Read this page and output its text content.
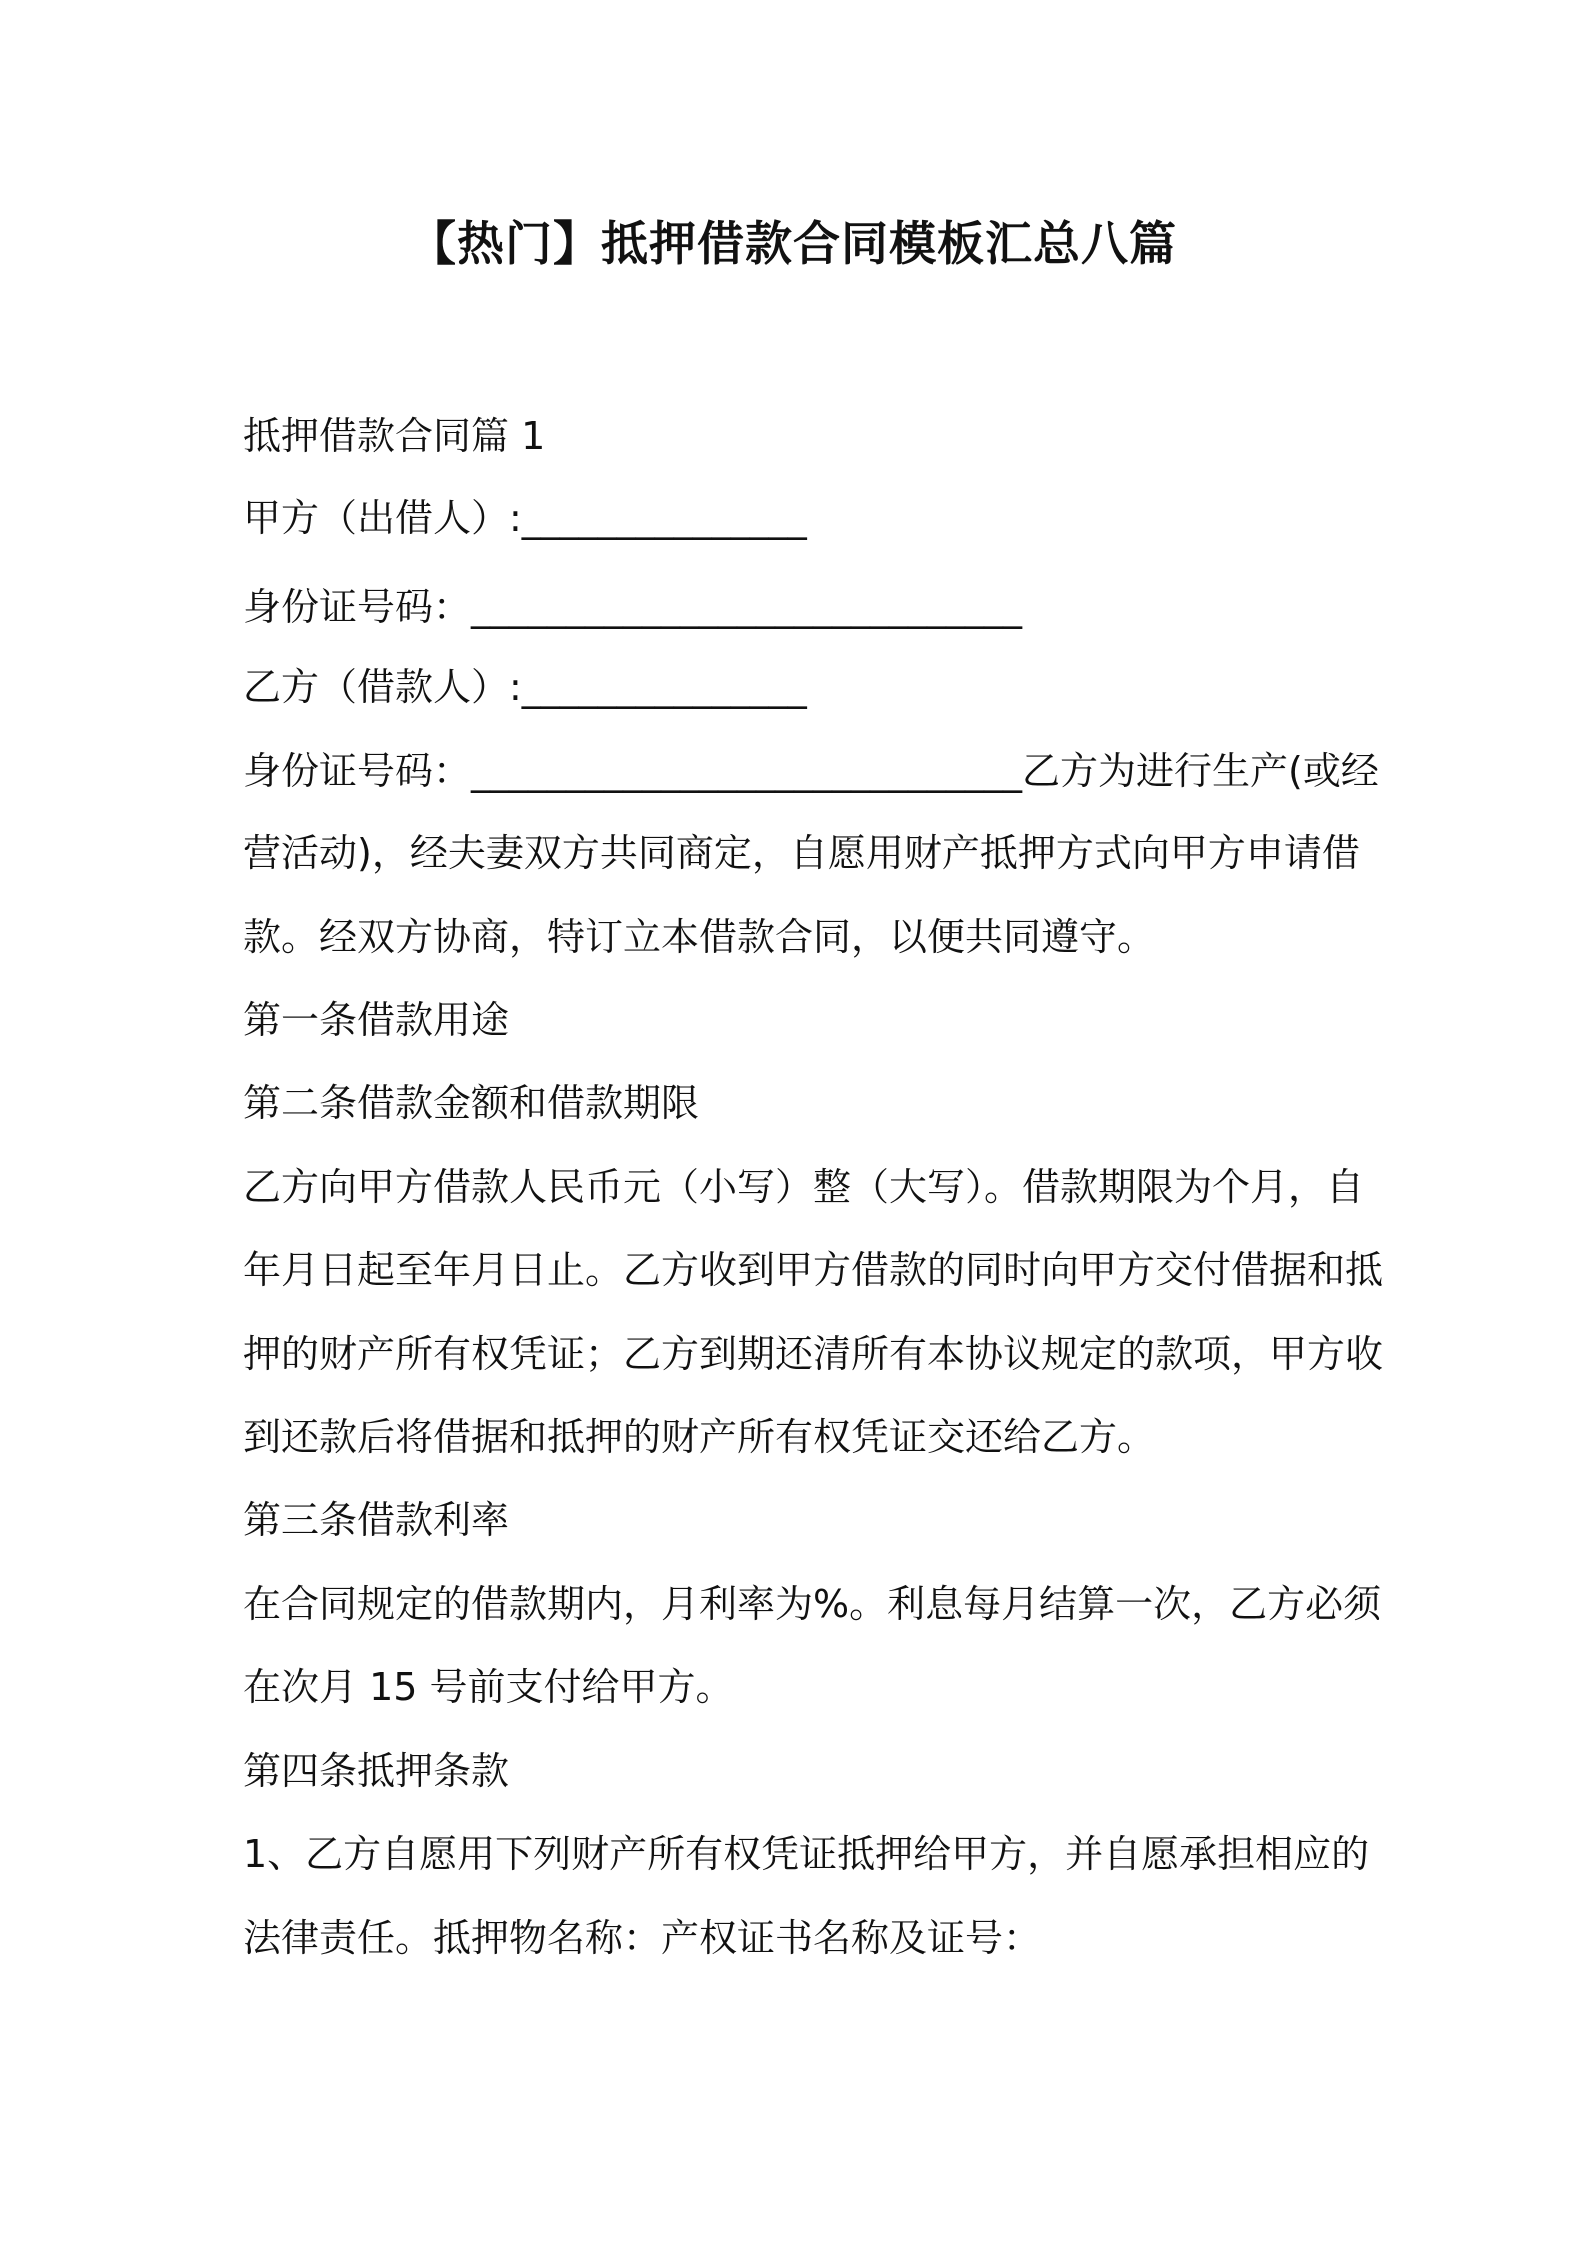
【热门】抵押借款合同模板汇总八篇
抵押借款合同篇 1
甲方（出借人）:_______________
身份证号码：_____________________________
乙方（借款人）:_______________
身份证号码：_____________________________乙方为进行生产(或经
营活动)，经夫妻双方共同商定，自愿用财产抵押方式向甲方申请借
款。经双方协商，特订立本借款合同，以便共同遵守。
第一条借款用途
第二条借款金额和借款期限
乙方向甲方借款人民币元（小写）整（大写）。借款期限为个月，自
年月日起至年月日止。乙方收到甲方借款的同时向甲方交付借据和抵
押的财产所有权凭证；乙方到期还清所有本协议规定的款项，甲方收
到还款后将借据和抵押的财产所有权凭证交还给乙方。
第三条借款利率
在合同规定的借款期内，月利率为%。利息每月结算一次，乙方必须
在次月 15 号前支付给甲方。
第四条抵押条款
1、乙方自愿用下列财产所有权凭证抵押给甲方，并自愿承担相应的
法律责任。抵押物名称：产权证书名称及证号：
